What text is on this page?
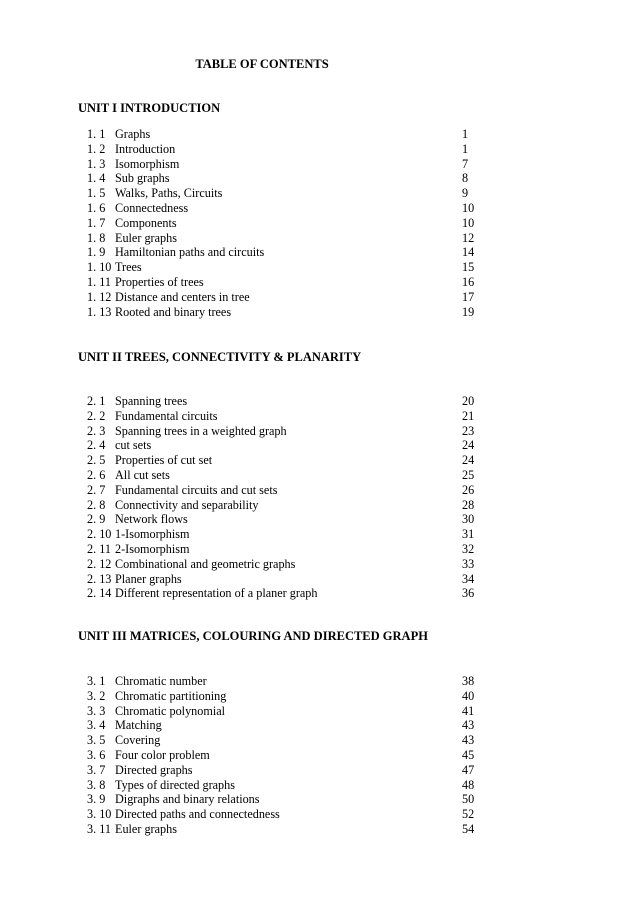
TABLE OF CONTENTS
UNIT I INTRODUCTION
1. 1 Graphs	1
1. 2 Introduction	1
1. 3 Isomorphism	7
1. 4 Sub graphs	8
1. 5 Walks, Paths, Circuits	9
1. 6 Connectedness	10
1. 7 Components	10
1. 8 Euler graphs	12
1. 9 Hamiltonian paths and circuits	14
1. 10 Trees	15
1. 11 Properties of trees	16
1. 12 Distance and centers in tree	17
1. 13 Rooted and binary trees	19
UNIT II TREES, CONNECTIVITY & PLANARITY
2. 1 Spanning trees	20
2. 2 Fundamental circuits	21
2. 3 Spanning trees in a weighted graph	23
2. 4 cut sets	24
2. 5 Properties of cut set	24
2. 6 All cut sets	25
2. 7 Fundamental circuits and cut sets	26
2. 8 Connectivity and separability	28
2. 9 Network flows	30
2. 10 1-Isomorphism	31
2. 11 2-Isomorphism	32
2. 12 Combinational and geometric graphs	33
2. 13 Planer graphs	34
2. 14 Different representation of a planer graph	36
UNIT III MATRICES, COLOURING AND DIRECTED GRAPH
3. 1 Chromatic number	38
3. 2 Chromatic partitioning	40
3. 3 Chromatic polynomial	41
3. 4 Matching	43
3. 5 Covering	43
3. 6 Four color problem	45
3. 7 Directed graphs	47
3. 8 Types of directed graphs	48
3. 9 Digraphs and binary relations	50
3. 10 Directed paths and connectedness	52
3. 11 Euler graphs	54
